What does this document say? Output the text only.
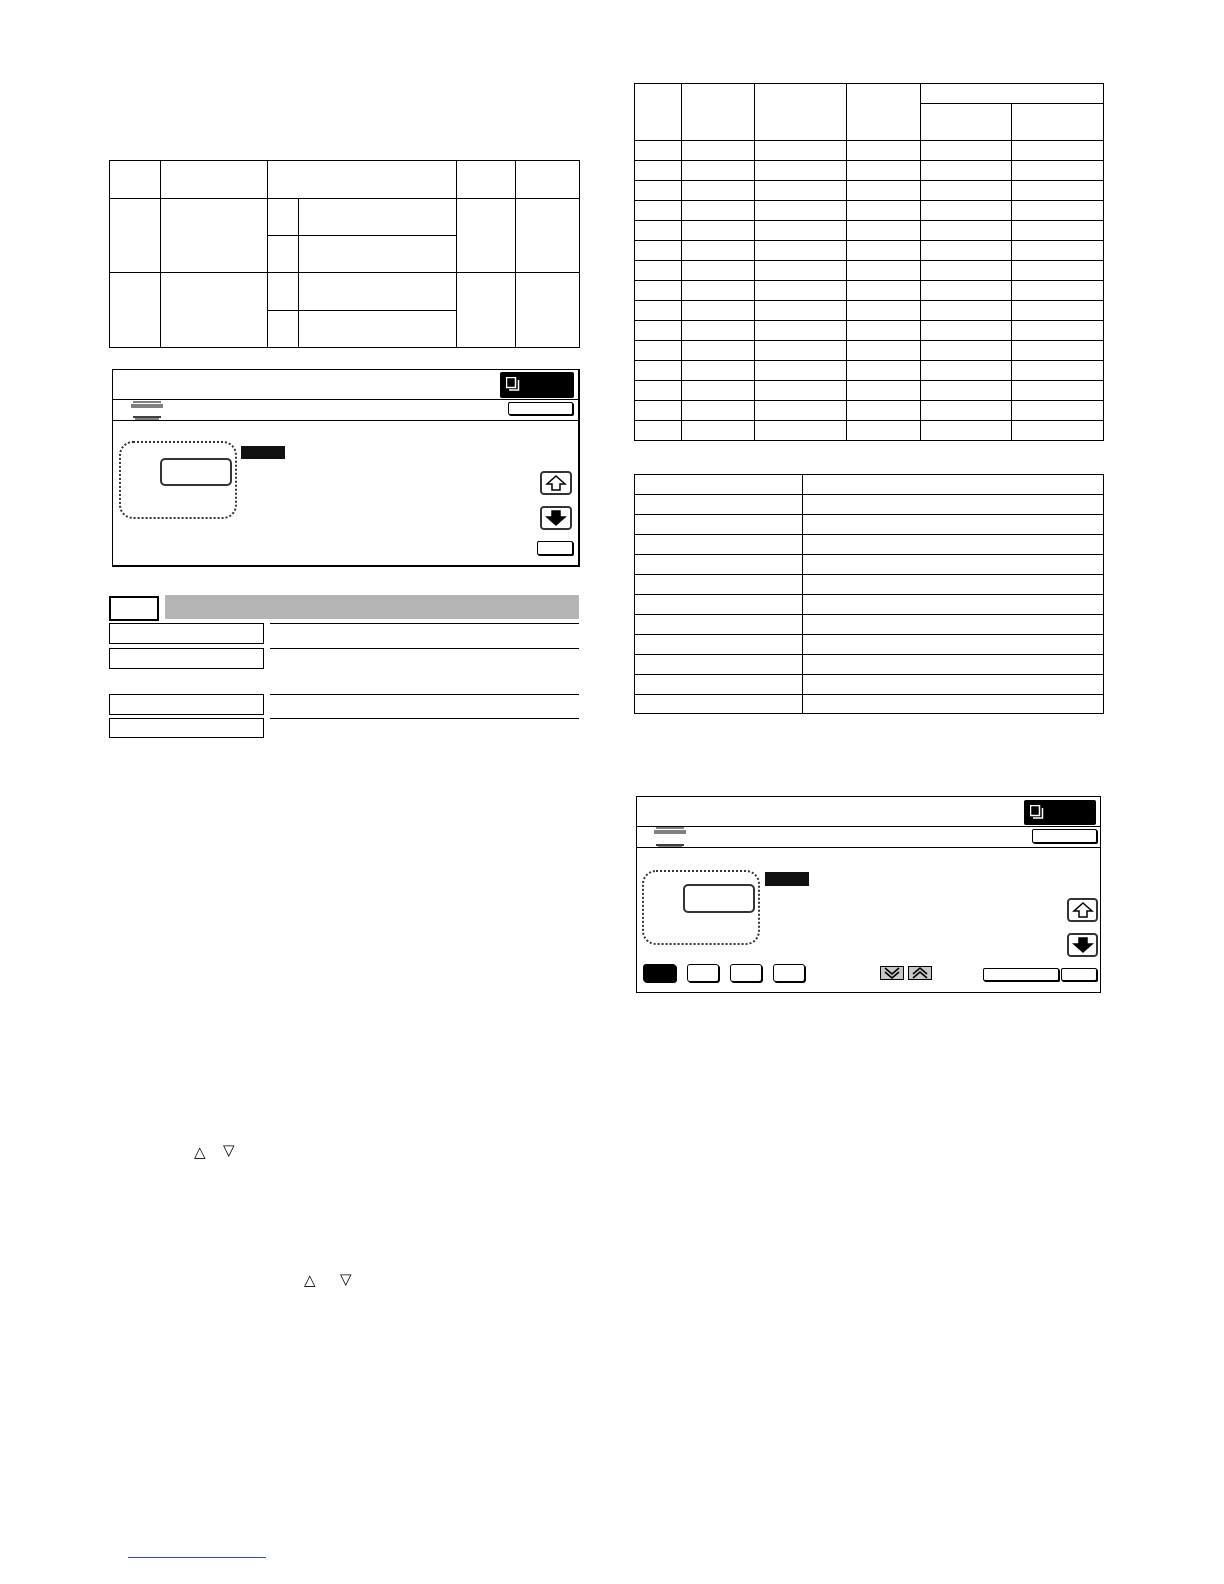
△ ▽
△ ▽
